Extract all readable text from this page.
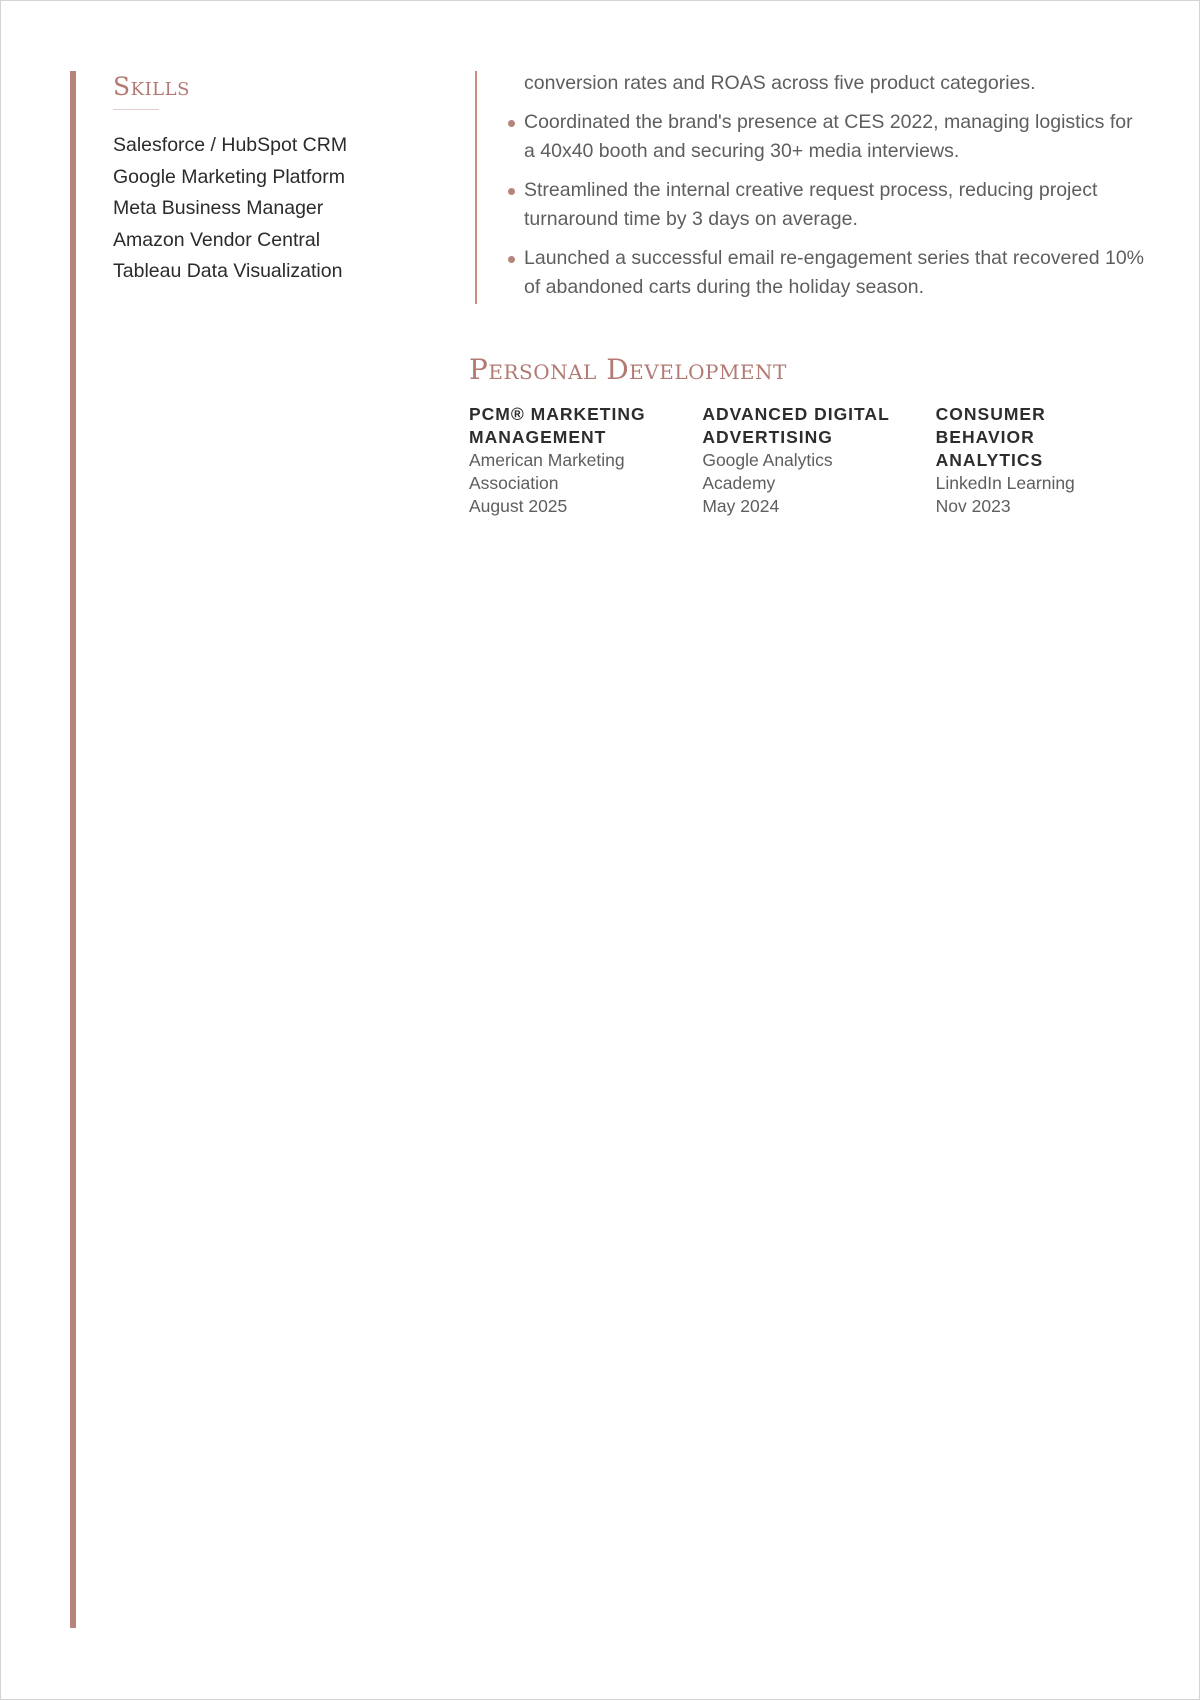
Skills
Salesforce / HubSpot CRM
Google Marketing Platform
Meta Business Manager
Amazon Vendor Central
Tableau Data Visualization
conversion rates and ROAS across five product categories.
Coordinated the brand's presence at CES 2022, managing logistics for a 40x40 booth and securing 30+ media interviews.
Streamlined the internal creative request process, reducing project turnaround time by 3 days on average.
Launched a successful email re-engagement series that recovered 10% of abandoned carts during the holiday season.
Personal Development
PCM® MARKETING MANAGEMENT
American Marketing Association
August 2025
ADVANCED DIGITAL ADVERTISING
Google Analytics Academy
May 2024
CONSUMER BEHAVIOR ANALYTICS
LinkedIn Learning
Nov 2023
